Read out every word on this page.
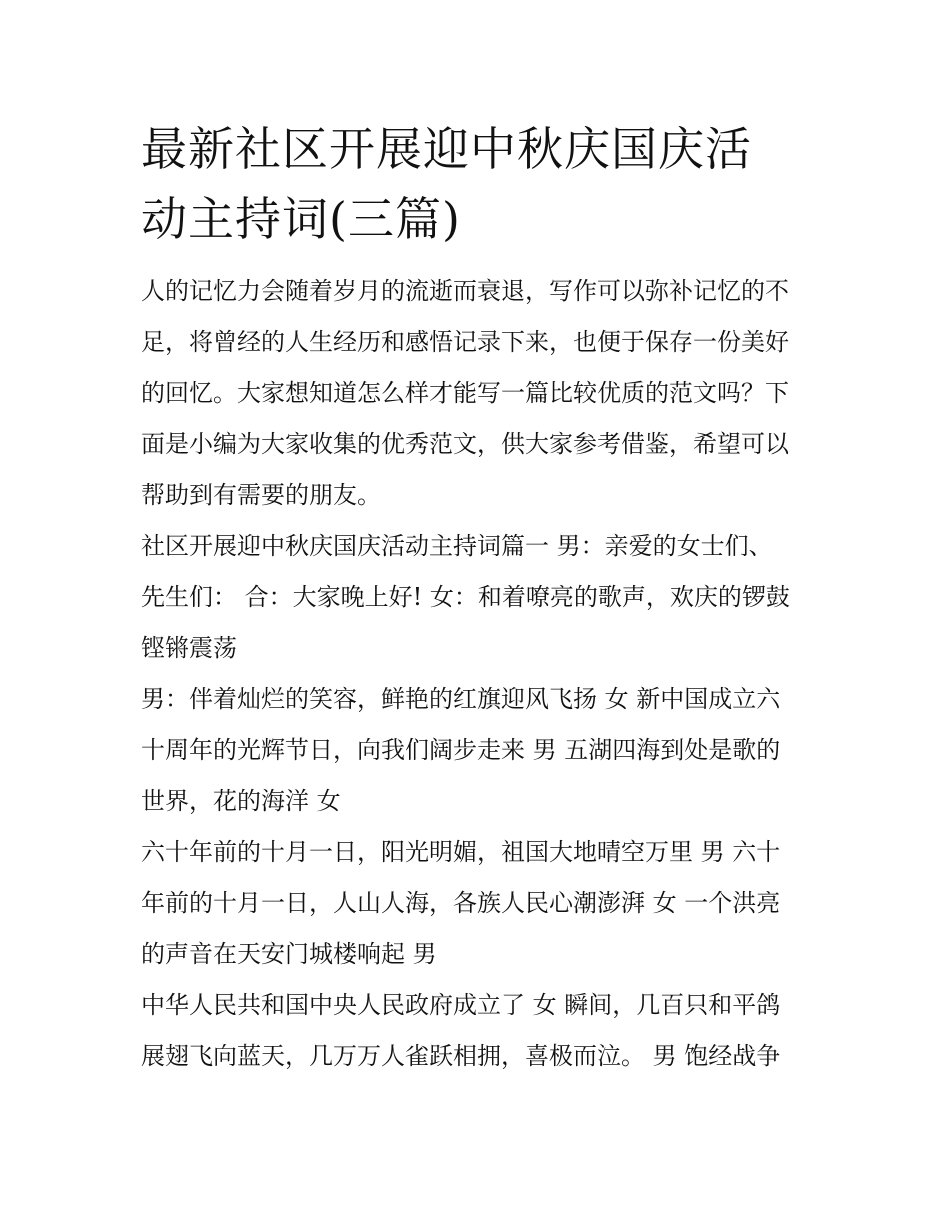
最新社区开展迎中秋庆国庆活
动主持词(三篇)

人的记忆力会随着岁月的流逝而衰退，写作可以弥补记忆的不
足，将曾经的人生经历和感悟记录下来，也便于保存一份美好
的回忆。大家想知道怎么样才能写一篇比较优质的范文吗？下
面是小编为大家收集的优秀范文，供大家参考借鉴，希望可以
帮助到有需要的朋友。

社区开展迎中秋庆国庆活动主持词篇一 男：亲爱的女士们、
先生们： 合：大家晚上好! 女：和着嘹亮的歌声，欢庆的锣鼓
铿锵震荡

男：伴着灿烂的笑容，鲜艳的红旗迎风飞扬 女 新中国成立六
十周年的光辉节日，向我们阔步走来 男 五湖四海到处是歌的
世界，花的海洋 女

六十年前的十月一日，阳光明媚，祖国大地晴空万里 男 六十
年前的十月一日，人山人海，各族人民心潮澎湃 女 一个洪亮
的声音在天安门城楼响起 男

中华人民共和国中央人民政府成立了 女 瞬间，几百只和平鸽
展翅飞向蓝天，几万万人雀跃相拥，喜极而泣。 男 饱经战争
